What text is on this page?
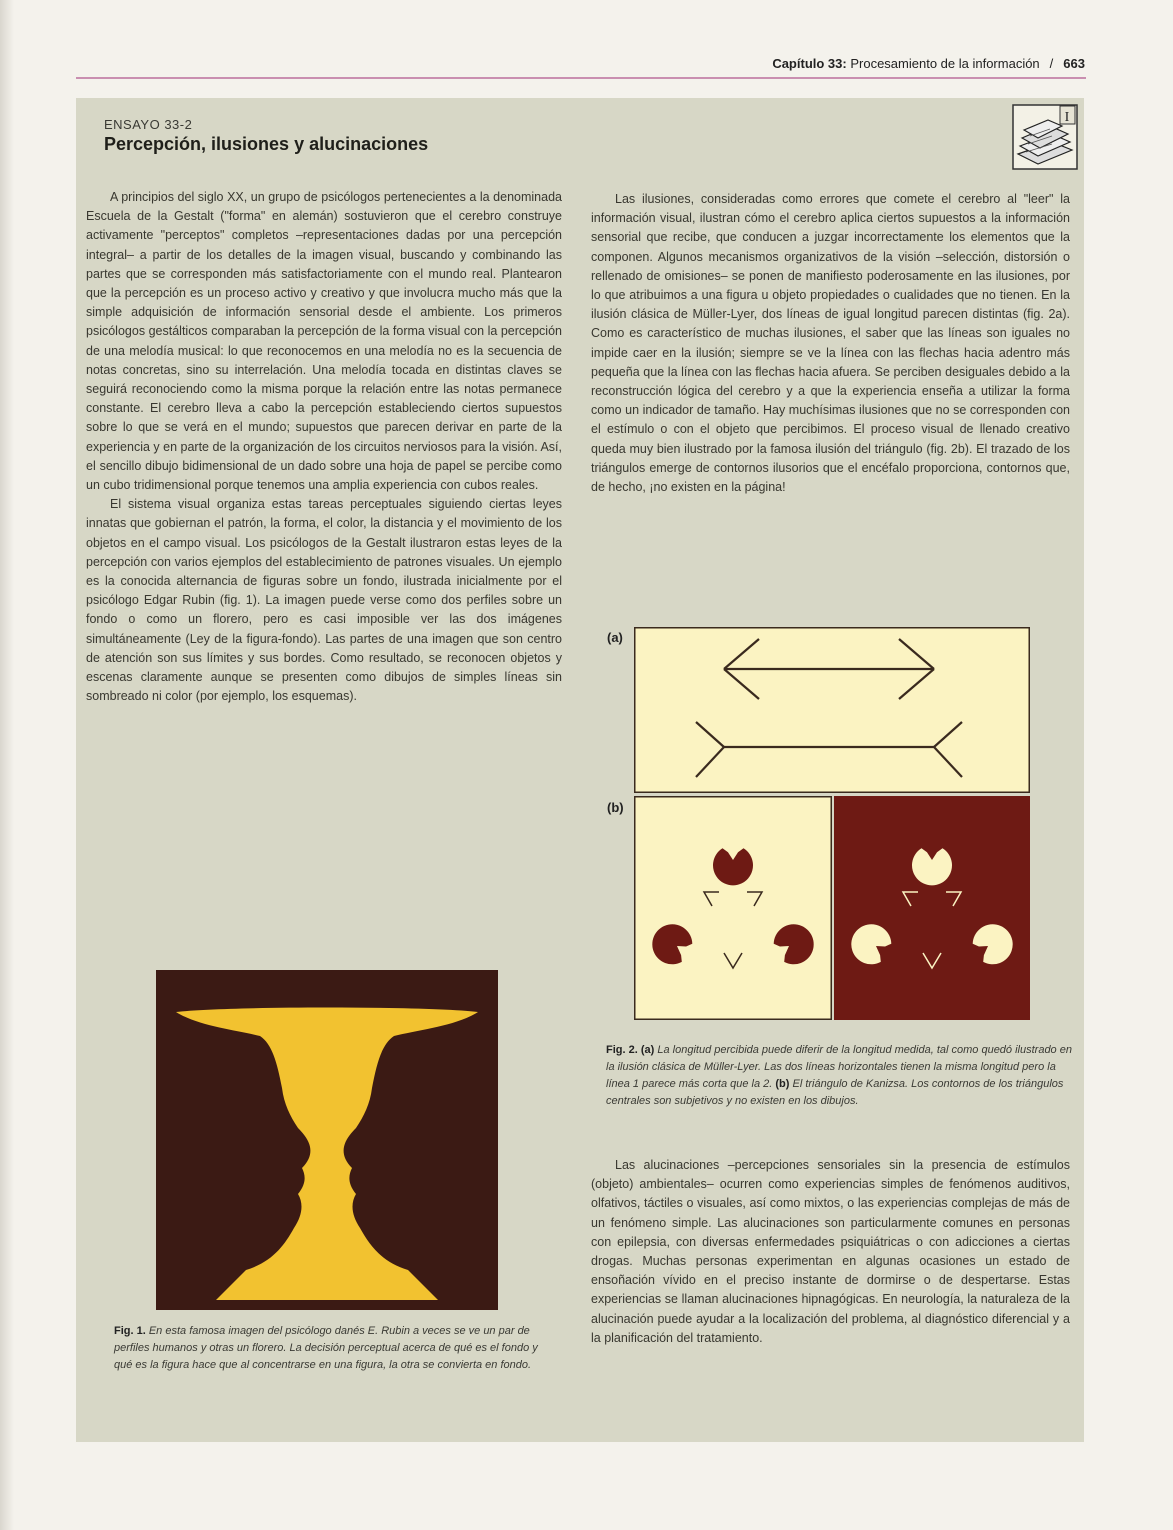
Capítulo 33: Procesamiento de la información / 663
ENSAYO 33-2
Percepción, ilusiones y alucinaciones
I

A principios del siglo XX, un grupo de psicólogos pertenecientes a la denominada Escuela de la Gestalt ("forma" en alemán) sostuvieron que el cerebro construye activamente "perceptos" completos –representaciones dadas por una percepción integral– a partir de los detalles de la imagen visual, buscando y combinando las partes que se corresponden más satisfactoriamente con el mundo real. Plantearon que la percepción es un proceso activo y creativo y que involucra mucho más que la simple adquisición de información sensorial desde el ambiente. Los primeros psicólogos gestálticos comparaban la percepción de la forma visual con la percepción de una melodía musical: lo que reconocemos en una melodía no es la secuencia de notas concretas, sino su interrelación. Una melodía tocada en distintas claves se seguirá reconociendo como la misma porque la relación entre las notas permanece constante. El cerebro lleva a cabo la percepción estableciendo ciertos supuestos sobre lo que se verá en el mundo; supuestos que parecen derivar en parte de la experiencia y en parte de la organización de los circuitos nerviosos para la visión. Así, el sencillo dibujo bidimensional de un dado sobre una hoja de papel se percibe como un cubo tridimensional porque tenemos una amplia experiencia con cubos reales.

El sistema visual organiza estas tareas perceptuales siguiendo ciertas leyes innatas que gobiernan el patrón, la forma, el color, la distancia y el movimiento de los objetos en el campo visual. Los psicólogos de la Gestalt ilustraron estas leyes de la percepción con varios ejemplos del establecimiento de patrones visuales. Un ejemplo es la conocida alternancia de figuras sobre un fondo, ilustrada inicialmente por el psicólogo Edgar Rubin (fig. 1). La imagen puede verse como dos perfiles sobre un fondo o como un florero, pero es casi imposible ver las dos imágenes simultáneamente (Ley de la figura-fondo). Las partes de una imagen que son centro de atención son sus límites y sus bordes. Como resultado, se reconocen objetos y escenas claramente aunque se presenten como dibujos de simples líneas sin sombreado ni color (por ejemplo, los esquemas).

Las ilusiones, consideradas como errores que comete el cerebro al "leer" la información visual, ilustran cómo el cerebro aplica ciertos supuestos a la información sensorial que recibe, que conducen a juzgar incorrectamente los elementos que la componen. Algunos mecanismos organizativos de la visión –selección, distorsión o rellenado de omisiones– se ponen de manifiesto poderosamente en las ilusiones, por lo que atribuimos a una figura u objeto propiedades o cualidades que no tienen. En la ilusión clásica de Müller-Lyer, dos líneas de igual longitud parecen distintas (fig. 2a). Como es característico de muchas ilusiones, el saber que las líneas son iguales no impide caer en la ilusión; siempre se ve la línea con las flechas hacia adentro más pequeña que la línea con las flechas hacia afuera. Se perciben desiguales debido a la reconstrucción lógica del cerebro y a que la experiencia enseña a utilizar la forma como un indicador de tamaño. Hay muchísimas ilusiones que no se corresponden con el estímulo o con el objeto que percibimos. El proceso visual de llenado creativo queda muy bien ilustrado por la famosa ilusión del triángulo (fig. 2b). El trazado de los triángulos emerge de contornos ilusorios que el encéfalo proporciona, contornos que, de hecho, ¡no existen en la página!

(a)
(b)
Fig. 2. (a) La longitud percibida puede diferir de la longitud medida, tal como quedó ilustrado en la ilusión clásica de Müller-Lyer. Las dos líneas horizontales tienen la misma longitud pero la línea 1 parece más corta que la 2. (b) El triángulo de Kanizsa. Los contornos de los triángulos centrales son subjetivos y no existen en los dibujos.

Las alucinaciones –percepciones sensoriales sin la presencia de estímulos (objeto) ambientales– ocurren como experiencias simples de fenómenos auditivos, olfativos, táctiles o visuales, así como mixtos, o las experiencias complejas de más de un fenómeno simple. Las alucinaciones son particularmente comunes en personas con epilepsia, con diversas enfermedades psiquiátricas o con adicciones a ciertas drogas. Muchas personas experimentan en algunas ocasiones un estado de ensoñación vívido en el preciso instante de dormirse o de despertarse. Estas experiencias se llaman alucinaciones hipnagógicas. En neurología, la naturaleza de la alucinación puede ayudar a la localización del problema, al diagnóstico diferencial y a la planificación del tratamiento.

Fig. 1. En esta famosa imagen del psicólogo danés E. Rubin a veces se ve un par de perfiles humanos y otras un florero. La decisión perceptual acerca de qué es el fondo y qué es la figura hace que al concentrarse en una figura, la otra se convierta en fondo.
